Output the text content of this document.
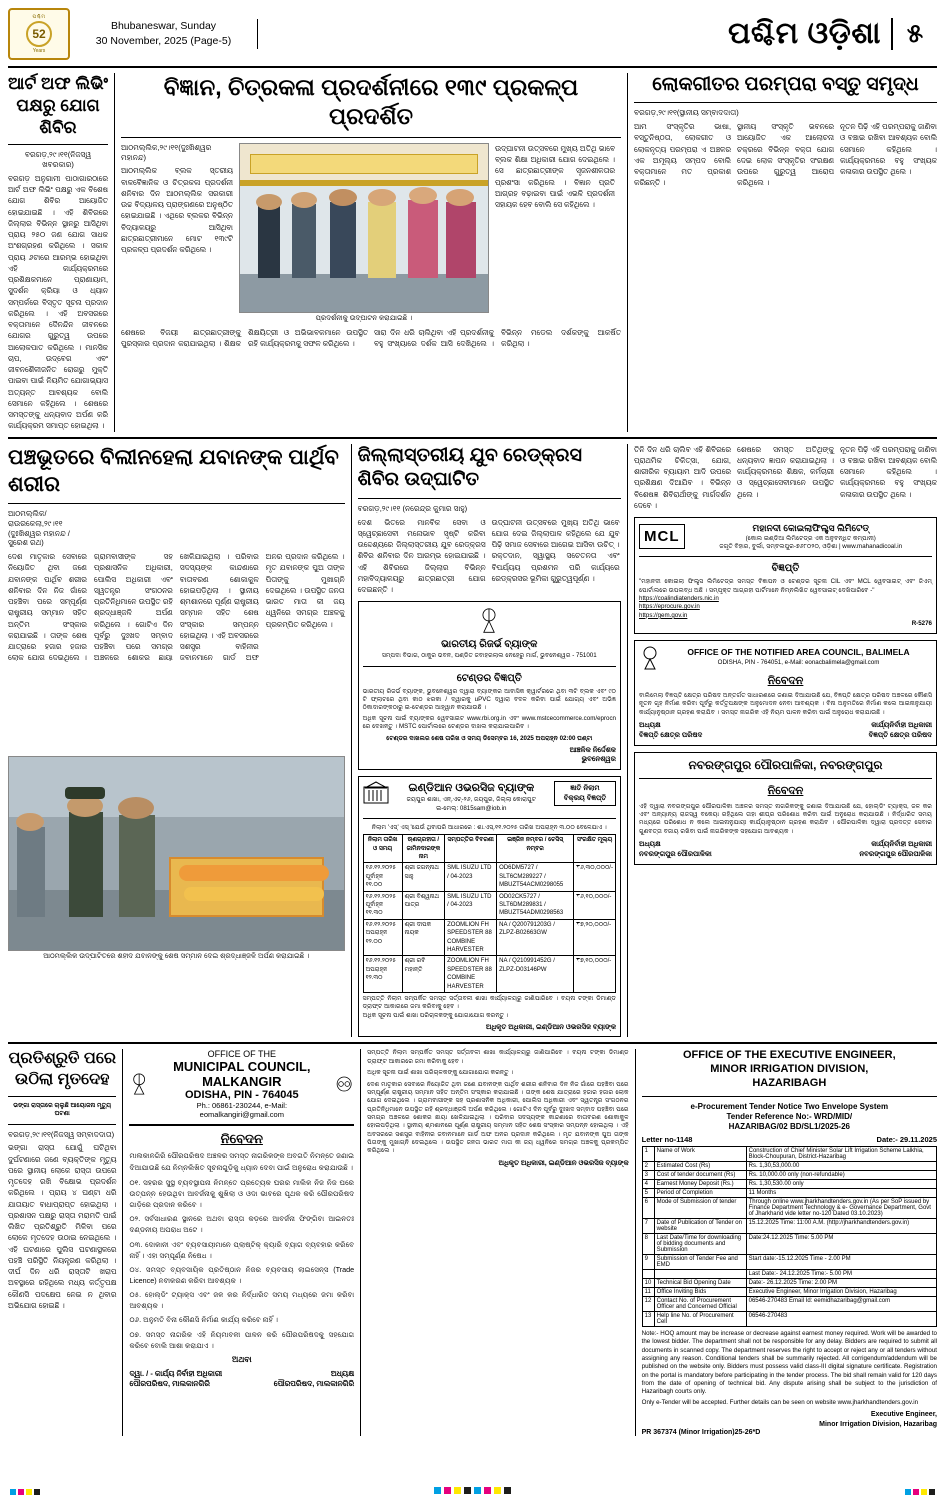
ପଶ୍ଚିମ
52
Years
Bhubaneswar, Sunday
30 November, 2025 (Page-5)	ପଶ୍ଚିମ ଓଡ଼ିଶା ୫
ଆର୍ଟ ଅଫ ଲିଭିଂ ପକ୍ଷରୁ ଯୋଗ ଶିବିର
ବରଗଡ଼,୨୯।୧୧(ନିଜସ୍ୱ ଖବରକାର)
ବରଗଡ଼ ଅନୁଗାମୀ ପାଠାଗାରଠାରେ ଆର୍ଟ ଅଫ ଲିଭିଂ ପକ୍ଷରୁ ଏକ ବିଶେଷ ଯୋଗ ଶିବିର ଆୟୋଜିତ ହୋଇଯାଇଛି । ଏହି ଶିବିରରେ ଜିଲ୍ଲାର ବିଭିନ୍ନ ସ୍ଥାନରୁ ଆସିଥିବା ପ୍ରାୟ ୨୫୦ ଜଣ ଯୋଗ ସାଧକ ଅଂଶଗ୍ରହଣ କରିଥିଲେ । ସକାଳ ପ୍ରାୟ ୬ଟାରେ ଆରମ୍ଭ ହୋଇଥିବା ଏହି କାର୍ଯ୍ୟକ୍ରମରେ ପ୍ରଶିକ୍ଷକମାନେ ପ୍ରାଣାୟାମ, ସୁଦର୍ଶନ କ୍ରିୟା ଓ ଧ୍ୟାନ ସମ୍ପର୍କରେ ବିସ୍ତୃତ ସୂଚନା ପ୍ରଦାନ କରିଥିଲେ । ଏହି ଅବସରରେ ବକ୍ତାମାନେ ଦୈନନ୍ଦିନ ଜୀବନରେ ଯୋଗର ଗୁରୁତ୍ୱ ଉପରେ ଆଲୋକପାତ କରିଥିଲେ । ମାନସିକ ଚାପ, ଉଦ୍‌ବେଗ ଏବଂ ଜୀବନଶୈଳୀଜନିତ ରୋଗରୁ ମୁକ୍ତି ପାଇବା ପାଇଁ ନିୟମିତ ଯୋଗାଭ୍ୟାସ ଅତ୍ୟନ୍ତ ଆବଶ୍ୟକ ବୋଲି ସେମାନେ କହିଥିଲେ । ଶେଷରେ ସମସ୍ତଙ୍କୁ ଧନ୍ୟବାଦ ଅର୍ପଣ କରି କାର୍ଯ୍ୟକ୍ରମ ସମାପ୍ତ ହୋଇଥିଲା ।
ବିଜ୍ଞାନ, ଚିତ୍ରକଳା ପ୍ରଦର୍ଶନୀରେ ୧୩୯ ପ୍ରକଳ୍ପ ପ୍ରଦର୍ଶିତ
ଆଠମଲ୍ଲିକ,୨୯।୧୧(ଦୁଃଖିଶ୍ୱର ମହାନନ୍ଦ)
ଆଠମଲ୍ଲିକ ବ୍ଲକ ସ୍ତରୀୟ ବାଳବୈଜ୍ଞାନିକ ଓ ଚିତ୍ରକଳା ପ୍ରଦର୍ଶନୀ ଶନିବାର ଦିନ ଆଠମଲ୍ଲିକ ସରକାରୀ ଉଚ୍ଚ ବିଦ୍ୟାଳୟ ପ୍ରାଙ୍ଗଣରେ ଅନୁଷ୍ଠିତ ହୋଇଯାଇଛି । ଏଥିରେ ବ୍ଲକର ବିଭିନ୍ନ ବିଦ୍ୟାଳୟରୁ ଆସିଥିବା ଛାତ୍ରଛାତ୍ରୀମାନେ ମୋଟ ୧୩୯ଟି ପ୍ରକଳ୍ପ ପ୍ରଦର୍ଶନ କରିଥିଲେ ।
ପ୍ରଦର୍ଶନୀକୁ ଉଦ୍‌ଘାଟନ କରାଯାଇଛି ।
ଉଦ୍‌ଘାଟନୀ ଉତ୍ସବରେ ମୁଖ୍ୟ ଅତିଥି ଭାବେ ବ୍ଲକ ଶିକ୍ଷା ଅଧିକାରୀ ଯୋଗ ଦେଇଥିଲେ । ସେ ଛାତ୍ରଛାତ୍ରୀଙ୍କ ସୃଜନଶୀଳତାର ପ୍ରଶଂସା କରିଥିଲେ । ବିଜ୍ଞାନ ପ୍ରତି ଆଗ୍ରହ ବଢ଼ାଇବା ପାଇଁ ଏଭଳି ପ୍ରଦର୍ଶନୀ ସହାୟକ ହେବ ବୋଲି ସେ କହିଥିଲେ ।
ଶେଷରେ ବିଜୟୀ ଛାତ୍ରଛାତ୍ରୀଙ୍କୁ ପୁରସ୍କାର ପ୍ରଦାନ କରାଯାଇଥିଲା । ଶିକ୍ଷକ ଶିକ୍ଷୟିତ୍ରୀ ଓ ଅଭିଭାବକମାନେ ଉପସ୍ଥିତ ରହି କାର୍ଯ୍ୟକ୍ରମକୁ ସଫଳ କରିଥିଲେ ।
ସାରା ଦିନ ଧରି ଚାଲିଥିବା ଏହି ପ୍ରଦର୍ଶନୀକୁ ବହୁ ସଂଖ୍ୟାରେ ଦର୍ଶକ ଆସି ଦେଖିଥିଲେ । ବିଭିନ୍ନ ମଡେଲ ଦର୍ଶକଙ୍କୁ ଆକର୍ଷିତ କରିଥିଲା ।
ଲୋକଗୀତର ପରମ୍ପରା ବସ୍ତୁ ସମୃଦ୍ଧ
ବରଗଡ଼,୨୯।୧୧(ସ୍ଥାନୀୟ ସମ୍ବାଦଦାତା)
ଆମ ସଂସ୍କୃତିର ଭାଷା, ବସ୍ତୁନିଷ୍ଠତା, ଲୋକଗୀତ ଓ ଲୋକନୃତ୍ୟ ପରମ୍ପରା ଏ ଅଞ୍ଚଳର ଏକ ଅମୂଲ୍ୟ ସମ୍ପଦ ବୋଲି ବକ୍ତାମାନେ ମତ ପ୍ରକାଶ କରିଛନ୍ତି ।
ସ୍ଥାନୀୟ ସଂସ୍କୃତି ଭବନରେ ଆୟୋଜିତ ଏକ ଆଲୋଚନା ଚକ୍ରରେ ବିଭିନ୍ନ ବକ୍ତା ଯୋଗ ଦେଇ ଲୋକ ସଂସ୍କୃତିର ସଂରକ୍ଷଣ ଉପରେ ଗୁରୁତ୍ୱ ଆରୋପ କରିଥିଲେ ।
ନୂତନ ପିଢ଼ି ଏହି ପରମ୍ପରାକୁ ଜାଣିବା ଓ ବଞ୍ଚାଇ ରଖିବା ଆବଶ୍ୟକ ବୋଲି ସେମାନେ କହିଥିଲେ । କାର୍ଯ୍ୟକ୍ରମରେ ବହୁ ସଂଖ୍ୟକ କଳାକାର ଉପସ୍ଥିତ ଥିଲେ ।
ପଞ୍ଚଭୂତରେ ବିଲୀନହେଲା ଯବାନଙ୍କ ପାର୍ଥିବ ଶରୀର
ଆଠମଲ୍ଲିକ/ରାଉରକେଲା,୨୯।୧୧ (ଦୁଃଖିଶ୍ୱର ମହାନନ୍ଦ / ସୁରେଶ ରଥ)
ଦେଶ ମାତୃକାର ସେବାରେ ନିୟୋଜିତ ଥିବା ଜଣେ ଯବାନଙ୍କ ପାର୍ଥିବ ଶରୀର ଶନିବାର ଦିନ ନିଜ ଗାଁରେ ପହଞ୍ଚିବା ପରେ ସମ୍ପୂର୍ଣ୍ଣ ରାଷ୍ଟ୍ରୀୟ ସମ୍ମାନ ସହିତ ଅନ୍ତିମ ସଂସ୍କାର କରାଯାଇଛି । ତାଙ୍କ ଶେଷ ଯାତ୍ରାରେ ହଜାର ହଜାର ଲୋକ ଯୋଗ ଦେଇଥିଲେ । ଗ୍ରାମବାସୀଙ୍କ ସହ ପ୍ରଶାସନିକ ଅଧିକାରୀ, ପୋଲିସ ଅଧିକାରୀ ଏବଂ ସ୍ୱତନ୍ତ୍ର ସଂଗଠନର ପ୍ରତିନିଧିମାନେ ଉପସ୍ଥିତ ରହି ଶ୍ରଦ୍ଧାଞ୍ଜଳି ଅର୍ପଣ କରିଥିଲେ । ଗୋଟିଏ ଦିନ ପୂର୍ବରୁ ଦୁଃଖଦ ସମ୍ବାଦ ପହଞ୍ଚିବା ପରେ ସମଗ୍ର ଅଞ୍ଚଳରେ ଶୋକର ଛାୟା ଖେଳିଯାଇଥିଲା । ପରିବାର ସଦସ୍ୟଙ୍କ କାନ୍ଦଣାରେ ବାତାବରଣ ଶୋକାକୁଳ ହୋଇପଡ଼ିଥିଲା । ସ୍ଥାନୀୟ ଶ୍ମଶାନରେ ପୂର୍ଣ୍ଣ ରାଷ୍ଟ୍ରୀୟ ସମ୍ମାନ ସହିତ ଶେଷ ସଂସ୍କାର ସମ୍ପନ୍ନ ହୋଇଥିଲା । ଏହି ଅବସରରେ ସଶସ୍ତ୍ର ବାହିନୀର ଜବାନମାନେ ଗାର୍ଡ ଅଫ ଅନର ପ୍ରଦାନ କରିଥିଲେ । ମୃତ ଯବାନଙ୍କ ପୁଅ ତାଙ୍କ ପିତାଙ୍କୁ ମୁଖାଗ୍ନି ଦେଇଥିଲେ । ଉପସ୍ଥିତ ଜନତା ଭାରତ ମାତା କୀ ଜୟ ଧ୍ୱନିରେ ସମଗ୍ର ଅଞ୍ଚଳକୁ ପ୍ରକମ୍ପିତ କରିଥିଲେ ।
ଆଠମଲ୍ଲିକ ଉଦ୍‌ଘାଟିତରେ ଶହୀଦ ଯବାନଙ୍କୁ ଶେଷ ସମ୍ମାନ ଦେଇ ଶ୍ରଦ୍ଧାଞ୍ଜଳି ଅର୍ପଣ କରାଯାଇଛି ।
ଜିଲ୍ଲାସ୍ତରୀୟ ଯୁବ ରେଡ୍‌କ୍ରସ ଶିବିର ଉଦ୍‌ଘାଟିତ
ବରଗଡ଼,୨୯।୧୧ (ନରେନ୍ଦ୍ର କୁମାର ସାହୁ)
ଦେଶ ଭିତରେ ମାନବିକ ସେବା ଓ ସ୍ୱେଚ୍ଛାସେବୀ ମନୋଭାବ ସୃଷ୍ଟି କରିବା ଉଦ୍ଦେଶ୍ୟରେ ଜିଲ୍ଲାସ୍ତରୀୟ ଯୁବ ରେଡ୍‌କ୍ରସ ଶିବିର ଶନିବାର ଦିନ ଆରମ୍ଭ ହୋଇଯାଇଛି । ଏହି ଶିବିରରେ ଜିଲ୍ଲାର ବିଭିନ୍ନ ମହାବିଦ୍ୟାଳୟରୁ ଛାତ୍ରଛାତ୍ରୀ ଯୋଗ ଦେଇଛନ୍ତି ।
ଉଦ୍‌ଘାଟନୀ ଉତ୍ସବରେ ମୁଖ୍ୟ ଅତିଥି ଭାବେ ଯୋଗ ଦେଇ ଜିଲ୍ଲାପାଳ କହିଥିଲେ ଯେ ଯୁବ ପିଢ଼ି ସମାଜ ସେବାରେ ଆଗେଇ ଆସିବା ଉଚିତ୍ । ରକ୍ତଦାନ, ସ୍ୱାସ୍ଥ୍ୟ ସଚେତନତା ଏବଂ ବିପର୍ଯ୍ୟୟ ପ୍ରଶମନ ପରି କାର୍ଯ୍ୟରେ ରେଡ୍‌କ୍ରସର ଭୂମିକା ଗୁରୁତ୍ୱପୂର୍ଣ୍ଣ ।
ଭାରତୀୟ ରିଜର୍ଭ ବ୍ୟାଙ୍କ
ସମ୍ପଦା ବିଭାଗ, ଠାକୁର ଭବନ, ପଣ୍ଡିତ ଜବାହରଲାଲ ନେହେରୁ ମାର୍ଗ, ଭୁବନେଶ୍ୱର - 751001
ଟେଣ୍ଡର ବିଜ୍ଞପ୍ତି
ଭାରତୀୟ ରିଜର୍ଭ ବ୍ୟାଙ୍କ, ଭୁବନେଶ୍ୱର ଦ୍ୱାରା ବ୍ୟାଙ୍କର ଆବାସିକ କ୍ୱାର୍ଟରରେ ଥିବା ୩ଟି ବ୍ଲକ ଏବଂ ୯୦ ଟି ଫ୍ଲାଟରେ ଥିବା କାଠ ଝରକା / ଦ୍ୱାରକୁ uPVC ଦ୍ୱାରା ବଦଳ କରିବା ପାଇଁ ଯୋଗ୍ୟ ଏବଂ ଅଭିଜ୍ଞ ଠିକାଦାରଙ୍କଠାରୁ ଇ-ଟେଣ୍ଡର ଆହ୍ୱାନ କରାଯାଉଛି ।
ଅଧିକ ସୂଚନା ପାଇଁ ବ୍ୟାଙ୍କର ୱେବସାଇଟ www.rbi.org.in ଏବଂ www.mstcecommerce.com/eprocn ରେ ଦେଖନ୍ତୁ । MSTC ପୋର୍ଟାଲରେ ଟେଣ୍ଡର ଦାଖଲ କରାଯାଇପାରିବ ।
ଟେଣ୍ଡର ଦାଖଲର ଶେଷ ତାରିଖ ଓ ସମୟ ଡିସେମ୍ବର 16, 2025 ଅପରାହ୍ନ 02:00 ଘଣ୍ଟା
ଆଞ୍ଚଳିକ ନିର୍ଦ୍ଦେଶକ
ଭୁବନେଶ୍ୱର
ଇଣ୍ଡିଆନ ଓଭରସିଜ ବ୍ୟାଙ୍କ
ଜୟପୁର ଶାଖା, ଏନ୍.ଏଚ୍-୨୬, ଜୟପୁର, ଜିଲ୍ଲା କୋରାପୁଟ
ଇ-ମେଲ୍: 0815sam@iob.in
ଜ୍ଞାତି ନିଲାମ
ବିକ୍ରୟ ବିଜ୍ଞପ୍ତି
ନିଲାମ 'ଏସ୍' ଏସ୍ 'ଯେଉଁ ଥିବାପରି ଆଧାରରେ : ଶା.ଏସ୍.୧୧.୨୦୨୫ ତାରିଖ ଅପରାହ୍ନ ୩.୦୦ ବେଳେଯାଏ ।
ନିଲାମ ତାରିଖ ଓ ସମୟ	ଋଣଗ୍ରହୀତା / ଜାମିନଦାରଙ୍କ ନାମ	ସମ୍ପତ୍ତିର ବିବରଣୀ	ଇଞ୍ଜିନ ନମ୍ବର / ଚେସିସ୍ ନମ୍ବର	ସଂରକ୍ଷିତ ମୂଲ୍ୟ
୧୬.୧୨.୨୦୨୫ ପୂର୍ବାହ୍ନ ୧୧.୦୦	ଶ୍ରୀ ଜଗନ୍ନାଥ ସାହୁ	SML ISUZU LTD / 04-2023	OD6DM5727 / SLT6CM289227 / MBUZT54ACM0298055	₹୬,୩୦,୦୦୦/-
୧୬.୧୨.୨୦୨୫ ପୂର୍ବାହ୍ନ ୧୧.୩୦	ଶ୍ରୀ ବିଶ୍ୱନାଥ ପାତ୍ର	SML ISUZU LTD / 04-2023	OD02CK5727 / SLT6DM289831 / MBUZT54ADM0298563	₹୬,୧୦,୦୦୦/-
୧୬.୧୨.୨୦୨୫ ଅପରାହ୍ନ ୧୨.୦୦	ଶ୍ରୀ ଦୀପକ ନାୟକ	ZOOMLION FH SPEEDSTER 88 COMBINE HARVESTER	NA / Q200791203G / ZLPZ-B02663GW	₹୭,୨୦,୦୦୦/-
୧୬.୧୨.୨୦୨୫ ଅପରାହ୍ନ ୧୨.୩୦	ଶ୍ରୀ ରବି ମହାନ୍ତି	ZOOMLION FH SPEEDSTER 88 COMBINE HARVESTER	NA / Q210991452G / ZLPZ-D03146PW	₹୭,୧୦,୦୦୦/-
ସମ୍ପତ୍ତି ନିଲାମ ସମ୍ପର୍କିତ ସମସ୍ତ ସର୍ତ୍ତାବଳୀ ଶାଖା କାର୍ଯ୍ୟାଳୟରୁ ଜାଣିପାରିବେ । ବୟନା ଟଙ୍କା ଡିମାଣ୍ଡ ଡ୍ରାଫ୍ଟ ଆକାରରେ ଜମା କରିବାକୁ ହେବ ।
ଅଧିକ ସୂଚନା ପାଇଁ ଶାଖା ପରିଚାଳକଙ୍କୁ ଯୋଗାଯୋଗ କରନ୍ତୁ ।
ଅଧିକୃତ ଅଧିକାରୀ, ଇଣ୍ଡିଆନ ଓଭରସିଜ ବ୍ୟାଙ୍କ
ତିନି ଦିନ ଧରି ଚାଲିବ ଏହି ଶିବିରରେ ପ୍ରାଥମିକ ଚିକିତ୍ସା, ଯୋଗ, ଶାରୀରିକ ବ୍ୟାୟାମ ଆଦି ଉପରେ ପ୍ରଶିକ୍ଷଣ ଦିଆଯିବ । ବିଭିନ୍ନ ବିଶେଷଜ୍ଞ ଶିବିରାର୍ଥୀଙ୍କୁ ମାର୍ଗଦର୍ଶନ ଦେବେ ।
ଶେଷରେ ସମସ୍ତ ଅତିଥିଙ୍କୁ ଧନ୍ୟବାଦ ଜ୍ଞାପନ କରାଯାଇଥିଲା । କାର୍ଯ୍ୟକ୍ରମରେ ଶିକ୍ଷକ, କର୍ମଚାରୀ ଓ ସ୍ୱେଚ୍ଛାସେବୀମାନେ ଉପସ୍ଥିତ ଥିଲେ ।
ନୂତନ ପିଢ଼ି ଏହି ପରମ୍ପରାକୁ ଜାଣିବା ଓ ବଞ୍ଚାଇ ରଖିବା ଆବଶ୍ୟକ ବୋଲି ସେମାନେ କହିଥିଲେ । କାର୍ଯ୍ୟକ୍ରମରେ ବହୁ ସଂଖ୍ୟକ କଳାକାର ଉପସ୍ଥିତ ଥିଲେ ।
MCL
ମହାନଦୀ କୋଇଲାଫିଲ୍ଡ୍ସ ଲିମିଟେଡ୍
(କୋଲ ଇଣ୍ଡିଆ ଲିମିଟେଡ୍‌ର ଏକ ଅନୁବନ୍ଧିତ କମ୍ପାନୀ)
ଜଗୃତି ବିହାର, ବୁର୍ଲା, ସମ୍ବଲପୁର-୭୬୮୦୨୦, ଓଡ଼ିଶା | www.mahanadicoal.in
ବିଜ୍ଞପ୍ତି
"ମହାନଦୀ କୋଇଲା ଫିଲ୍ଡ୍ସ ଲିମିଟେଡ୍‌ର ସମସ୍ତ ବିଜ୍ଞାପନ ଓ ଟେଣ୍ଡର ସୂଚନା CIL ଏବଂ MCL ୱେବସାଇଟ୍ ଏବଂ ଜିଏମ୍ ପୋର୍ଟାଲରେ ଉପଲବ୍ଧ ଅଛି । ସମ୍ପୃକ୍ତ ଆଗ୍ରହୀ ପାର୍ଟିମାନେ ନିମ୍ନଲିଖିତ ୱେବସାଇଟ୍ ଦେଖିପାରିବେ -"
https://coalindiatenders.nic.in
https://eprocure.gov.in
https://gem.gov.in
R-5276
OFFICE OF THE NOTIFIED AREA COUNCIL, BALIMELA
ODISHA, PIN - 764051, e-Mail: eonacbalimela@gmail.com
ନିବେଦନ
ବାଲିମେଲା ବିଜ୍ଞପ୍ତି କ୍ଷେତ୍ର ପରିଷଦ ଅନ୍ତର୍ଗତ ସାଧାରଣରେ ଜଣାଇ ଦିଆଯାଉଛି ଯେ, ବିଜ୍ଞପ୍ତି କ୍ଷେତ୍ର ପରିଷଦ ଅଞ୍ଚଳରେ କୌଣସି ନୂତନ ଗୃହ ନିର୍ମାଣ କରିବା ପୂର୍ବରୁ କର୍ତ୍ତୃପକ୍ଷଙ୍କ ଅନୁମୋଦନ ନେବା ଆବଶ୍ୟକ । ବିନା ଅନୁମତିରେ ନିର୍ମାଣ କଲେ ଆଇନାନୁଯାୟୀ କାର୍ଯ୍ୟାନୁଷ୍ଠାନ ଗ୍ରହଣ କରାଯିବ । ସମସ୍ତ ନାଗରିକ ଏହି ନିୟମ ପାଳନ କରିବା ପାଇଁ ଅନୁରୋଧ କରାଯାଉଛି ।
ଅଧ୍ୟକ୍ଷ
ବିଜ୍ଞପ୍ତି କ୍ଷେତ୍ର ପରିଷଦ
କାର୍ଯ୍ୟନିର୍ବାହୀ ଅଧିକାରୀ
ବିଜ୍ଞପ୍ତି କ୍ଷେତ୍ର ପରିଷଦ
ନବରଙ୍ଗପୁର ପୌରପାଳିକା, ନବରଙ୍ଗପୁର
ନିବେଦନ
ଏହି ଦ୍ୱାରା ନବରଙ୍ଗପୁର ପୌରପାଳିକା ଅଞ୍ଚଳର ସମସ୍ତ ନାଗରିକଙ୍କୁ ଜଣାଇ ଦିଆଯାଉଛି ଯେ, ହୋଲ୍ଡିଂ ଟ୍ୟାକ୍ସ, ଜଳ କର ଏବଂ ଅନ୍ୟାନ୍ୟ ରାଜସ୍ୱ ବକେୟା ରହିଥିଲେ ତାହା ଶୀଘ୍ର ପରିଶୋଧ କରିବା ପାଇଁ ଅନୁରୋଧ କରାଯାଉଛି । ନିର୍ଦ୍ଧାରିତ ସମୟ ମଧ୍ୟରେ ପରିଶୋଧ ନ କଲେ ଆଇନାନୁଯାୟୀ କାର୍ଯ୍ୟାନୁଷ୍ଠାନ ଗ୍ରହଣ କରାଯିବ । ପୌରପାଳିକା ଦ୍ୱାରା ପ୍ରଦତ୍ତ ସେବାର ଗୁଣବତ୍ତା ବଜାୟ ରଖିବା ପାଇଁ ନାଗରିକଙ୍କ ସହଯୋଗ ଆବଶ୍ୟକ ।
ଅଧ୍ୟକ୍ଷ
ନବରଙ୍ଗପୁର ପୌରପାଳିକା
କାର୍ଯ୍ୟନିର୍ବାହୀ ଅଧିକାରୀ
ନବରଙ୍ଗପୁର ପୌରପାଳିକା
ପ୍ରତିଶ୍ରୁତି ପରେ ଉଠିଲା ମୃତଦେହ
ଭଙ୍ଗା ରାସ୍ତାରେ ଚାଲୁଛି ଆୟୋଜନା ମୃତ୍ୟୁ ଘଟଣା
ବରଗଡ଼,୨୯।୧୧(ନିଜସ୍ୱ ସମ୍ବାଦଦାତା)
ଭଙ୍ଗା ରାସ୍ତା ଯୋଗୁଁ ଘଟିଥିବା ଦୁର୍ଘଟଣାରେ ଜଣେ ବ୍ୟକ୍ତିଙ୍କ ମୃତ୍ୟୁ ପରେ ସ୍ଥାନୀୟ ଲୋକେ ରାସ୍ତା ଉପରେ ମୃତଦେହ ରଖି ବିକ୍ଷୋଭ ପ୍ରଦର୍ଶନ କରିଥିଲେ । ପ୍ରାୟ ୪ ଘଣ୍ଟା ଧରି ଯାତାୟାତ ବାଧାପ୍ରାପ୍ତ ହୋଇଥିଲା । ପ୍ରଶାସନ ପକ୍ଷରୁ ରାସ୍ତା ମରାମତି ପାଇଁ ଲିଖିତ ପ୍ରତିଶ୍ରୁତି ମିଳିବା ପରେ ଲୋକେ ମୃତଦେହ ଉଠାଇ ନେଇଥିଲେ । ଏହି ଘଟଣାରେ ପୁଲିସ ଘଟଣାସ୍ଥଳରେ ପହଞ୍ଚି ପରିସ୍ଥିତି ନିୟନ୍ତ୍ରଣ କରିଥିଲା । ଦୀର୍ଘ ଦିନ ଧରି ରାସ୍ତାଟି ଖରାପ ଅବସ୍ଥାରେ ରହିଥିଲେ ମଧ୍ୟ କର୍ତ୍ତୃପକ୍ଷ କୌଣସି ପଦକ୍ଷେପ ନେଇ ନ ଥିବାର ଅଭିଯୋଗ ହୋଇଛି ।
OFFICE OF THE
MUNICIPAL COUNCIL, MALKANGIR
ODISHA, PIN - 764045
Ph.: 06861-230244, e-Mail: eomalkangiri@gmail.com
ନିବେଦନ
ମାଲକାନଗିରି ପୌରପରିଷଦ ଅଞ୍ଚଳର ସମସ୍ତ ନାଗରିକଙ୍କ ଅବଗତି ନିମନ୍ତେ ଜଣାଇ ଦିଆଯାଉଛି ଯେ ନିମ୍ନଲିଖିତ ସୂଚନାଗୁଡ଼ିକୁ ଧ୍ୟାନ ଦେବା ପାଇଁ ଅନୁରୋଧ କରାଯାଉଛି ।

୦୧. ସହରର ସୁସ୍ଥ ବ୍ୟବସ୍ଥାପନା ନିମନ୍ତେ ପ୍ରତ୍ୟେକ ଘରର ମାଲିକ ନିଜ ନିଜ ଘରେ ଉତ୍ପନ୍ନ ହେଉଥିବା ଆବର୍ଜନାକୁ ଶୁଖିଲା ଓ ଓଦା ଭାବରେ ପୃଥକ କରି ପୌରପରିଷଦ ଗାଡ଼ିରେ ପ୍ରଦାନ କରିବେ ।

୦୨. ସର୍ବସାଧାରଣ ସ୍ଥାନରେ ଅଥବା ରାସ୍ତା କଡ଼ରେ ଆବର୍ଜନା ଫିଙ୍ଗିବା ଆଇନତଃ ଦଣ୍ଡନୀୟ ଅପରାଧ ଅଟେ ।

୦୩. ଦୋକାନୀ ଏବଂ ବ୍ୟବସାୟୀମାନେ ପ୍ଲାଷ୍ଟିକ୍ କ୍ୟାରି ବ୍ୟାଗ ବ୍ୟବହାର କରିବେ ନାହିଁ । ଏହା ସମ୍ପୂର୍ଣ୍ଣ ନିଷେଧ ।

୦୪. ସମସ୍ତ ବ୍ୟବସାୟିକ ପ୍ରତିଷ୍ଠାନ ନିଜର ବ୍ୟବସାୟ ଲାଇସେନ୍ସ (Trade Licence) ନବୀକରଣ କରିବା ଆବଶ୍ୟକ ।

୦୫. ହୋଲ୍ଡିଂ ଟ୍ୟାକ୍ସ ଏବଂ ଜଳ କର ନିର୍ଦ୍ଧାରିତ ସମୟ ମଧ୍ୟରେ ଜମା କରିବା ଆବଶ୍ୟକ ।

୦୬. ଅନୁମତି ବିନା କୌଣସି ନିର୍ମାଣ କାର୍ଯ୍ୟ କରିବେ ନାହିଁ ।

୦୭. ସମସ୍ତ ନାଗରିକ ଏହି ନିୟମାବଳୀ ପାଳନ କରି ପୌରପରିଷଦକୁ ସହଯୋଗ କରିବେ ବୋଲି ଆଶା କରାଯାଏ ।

ଅଥବା
ଦ୍ୱା. / - କାର୍ଯ୍ୟ ନିର୍ବାହୀ ଅଧିକାରୀ
ପୌରପରିଷଦ, ମାଲକାନଗିରି
ଅଧ୍ୟକ୍ଷ
ପୌରପରିଷଦ, ମାଲକାନଗିରି
ସମ୍ପତ୍ତି ନିଲାମ ସମ୍ପର୍କିତ ସମସ୍ତ ସର୍ତ୍ତାବଳୀ ଶାଖା କାର୍ଯ୍ୟାଳୟରୁ ଜାଣିପାରିବେ । ବୟନା ଟଙ୍କା ଡିମାଣ୍ଡ ଡ୍ରାଫ୍ଟ ଆକାରରେ ଜମା କରିବାକୁ ହେବ ।
ଅଧିକ ସୂଚନା ପାଇଁ ଶାଖା ପରିଚାଳକଙ୍କୁ ଯୋଗାଯୋଗ କରନ୍ତୁ ।
ଦେଶ ମାତୃକାର ସେବାରେ ନିୟୋଜିତ ଥିବା ଜଣେ ଯବାନଙ୍କ ପାର୍ଥିବ ଶରୀର ଶନିବାର ଦିନ ନିଜ ଗାଁରେ ପହଞ୍ଚିବା ପରେ ସମ୍ପୂର୍ଣ୍ଣ ରାଷ୍ଟ୍ରୀୟ ସମ୍ମାନ ସହିତ ଅନ୍ତିମ ସଂସ୍କାର କରାଯାଇଛି । ତାଙ୍କ ଶେଷ ଯାତ୍ରାରେ ହଜାର ହଜାର ଲୋକ ଯୋଗ ଦେଇଥିଲେ । ଗ୍ରାମବାସୀଙ୍କ ସହ ପ୍ରଶାସନିକ ଅଧିକାରୀ, ପୋଲିସ ଅଧିକାରୀ ଏବଂ ସ୍ୱତନ୍ତ୍ର ସଂଗଠନର ପ୍ରତିନିଧିମାନେ ଉପସ୍ଥିତ ରହି ଶ୍ରଦ୍ଧାଞ୍ଜଳି ଅର୍ପଣ କରିଥିଲେ । ଗୋଟିଏ ଦିନ ପୂର୍ବରୁ ଦୁଃଖଦ ସମ୍ବାଦ ପହଞ୍ଚିବା ପରେ ସମଗ୍ର ଅଞ୍ଚଳରେ ଶୋକର ଛାୟା ଖେଳିଯାଇଥିଲା । ପରିବାର ସଦସ୍ୟଙ୍କ କାନ୍ଦଣାରେ ବାତାବରଣ ଶୋକାକୁଳ ହୋଇପଡ଼ିଥିଲା । ସ୍ଥାନୀୟ ଶ୍ମଶାନରେ ପୂର୍ଣ୍ଣ ରାଷ୍ଟ୍ରୀୟ ସମ୍ମାନ ସହିତ ଶେଷ ସଂସ୍କାର ସମ୍ପନ୍ନ ହୋଇଥିଲା । ଏହି ଅବସରରେ ସଶସ୍ତ୍ର ବାହିନୀର ଜବାନମାନେ ଗାର୍ଡ ଅଫ ଅନର ପ୍ରଦାନ କରିଥିଲେ । ମୃତ ଯବାନଙ୍କ ପୁଅ ତାଙ୍କ ପିତାଙ୍କୁ ମୁଖାଗ୍ନି ଦେଇଥିଲେ । ଉପସ୍ଥିତ ଜନତା ଭାରତ ମାତା କୀ ଜୟ ଧ୍ୱନିରେ ସମଗ୍ର ଅଞ୍ଚଳକୁ ପ୍ରକମ୍ପିତ କରିଥିଲେ ।
ଅଧିକୃତ ଅଧିକାରୀ, ଇଣ୍ଡିଆନ ଓଭରସିଜ ବ୍ୟାଙ୍କ
OFFICE OF THE EXECUTIVE ENGINEER,
MINOR IRRIGATION DIVISION,
HAZARIBAGH
e-Procurement Tender Notice Two Envelope System
Tender Reference No:- WRD/MID/
HAZARIBAG/02 BD/SL1/2025-26
Letter no-1148	Date:- 29.11.2025
1	Name of Work	Construction of Chief Minister Solar Lift Irrigation Scheme Lalkhia, Block-Choupuran, District-Hazaribag
2	Estimated Cost (Rs)	Rs. 1,30,53,000.00
3	Cost of tender document (Rs)	Rs. 10,000.00 only (non-refundable)
4	Earnest Money Deposit (Rs.)	Rs. 1,30,530.00 only
5	Period of Completion	11 Months
6	Mode of Submission of tender	Through online www.jharkhandtenders.gov.in (As per SoP issued by Finance Department Technology & e- Governance Department, Govt of Jharkhand vide letter no-120 Dated 03.10.2023)
7	Date of Publication of Tender on website	15.12.2025 Time: 11:00 A.M. (http://jharkhandtenders.gov.in)
8	Last Date/Time for downloading of bidding documents and Submission	Date:24.12.2025 Time: 5.00 PM
9	Submission of Tender Fee and EMD	Start date:-15.12.2025 Time - 2.00 PM
		Last Date:- 24.12.2025 Time:- 5.00 PM
10	Technical Bid Opening Date	Date:- 26.12.2025 Time: 2.00 PM
11	Office Inviting Bids	Executive Engineer, Minor Irrigation Division, Hazaribag
12	Contact No. of Procurement Officer and Concerned Official	06546-270483 Email Id: eemidhazaribag@gmail.com
13	Help line No. of Procurement Cell	06546-270483
Note:- HOQ amount may be increase or decrease against earnest money required. Work will be awarded to the lowest bidder. The department shall not be responsible for any delay. Bidders are required to submit all documents in scanned copy. The department reserves the right to accept or reject any or all tenders without assigning any reason. Conditional tenders shall be summarily rejected. All corrigendum/addendum will be published on the website only. Bidders must possess valid class-III digital signature certificate. Registration on the portal is mandatory before participating in the tender process. The bid shall remain valid for 120 days from the date of opening of technical bid. Any dispute arising shall be subject to the jurisdiction of Hazaribagh courts only.
Only e-Tender will be accepted. Further details can be seen on website www.jharkhandtenders.gov.in
Executive Engineer,
Minor Irrigation Division, Hazaribag
PR 367374 (Minor Irrigation)25-26*D
